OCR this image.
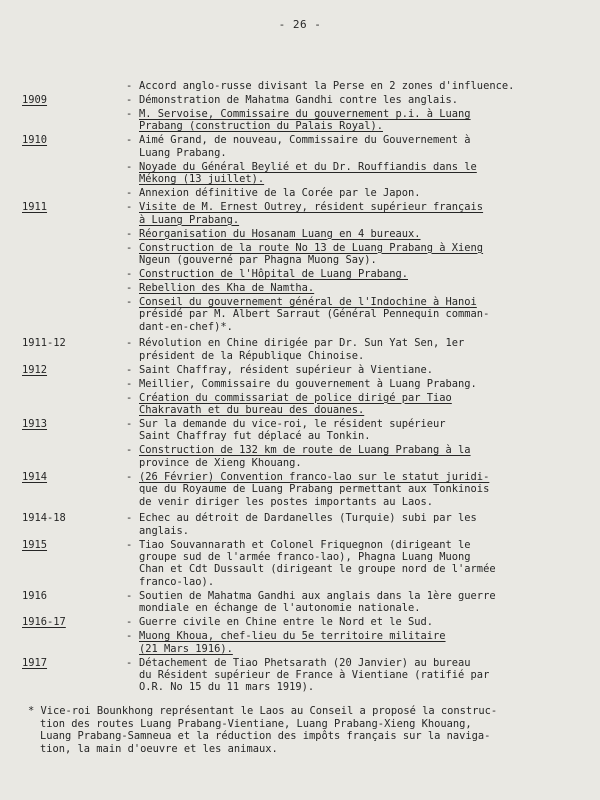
- 26 -
- Accord anglo-russe divisant la Perse en 2 zones d'influence.
1909	- Démonstration de Mahatma Gandhi contre les anglais.
- M. Servoise, Commissaire du gouvernement p.i. à Luang
Prabang (construction du Palais Royal).
1910	- Aimé Grand, de nouveau, Commissaire du Gouvernement à
Luang Prabang.
- Noyade du Général Beylié et du Dr. Rouffiandis dans le
Mékong (13 juillet).
- Annexion définitive de la Corée par le Japon.
1911	- Visite de M. Ernest Outrey, résident supérieur français
à Luang Prabang.
- Réorganisation du Hosanam Luang en 4 bureaux.
- Construction de la route No 13 de Luang Prabang à Xieng
Ngeun (gouverné par Phagna Muong Say).
- Construction de l'Hôpital de Luang Prabang.
- Rebellion des Kha de Namtha.
- Conseil du gouvernement général de l'Indochine à Hanoi
présidé par M. Albert Sarraut (Général Pennequin comman-
dant-en-chef)*.
1911-12	- Révolution en Chine dirigée par Dr. Sun Yat Sen, 1er
président de la République Chinoise.
1912	- Saint Chaffray, résident supérieur à Vientiane.
- Meillier, Commissaire du gouvernement à Luang Prabang.
- Création du commissariat de police dirigé par Tiao
Chakravath et du bureau des douanes.
1913	- Sur la demande du vice-roi, le résident supérieur
Saint Chaffray fut déplacé au Tonkin.
- Construction de 132 km de route de Luang Prabang à la
province de Xieng Khouang.
1914	- (26 Février) Convention franco-lao sur le statut juridi-
que du Royaume de Luang Prabang permettant aux Tonkinois
de venir diriger les postes importants au Laos.
1914-18	- Echec au détroit de Dardanelles (Turquie) subi par les
anglais.
1915	- Tiao Souvannarath et Colonel Friquegnon (dirigeant le
groupe sud de l'armée franco-lao), Phagna Luang Muong
Chan et Cdt Dussault (dirigeant le groupe nord de l'armée
franco-lao).
1916	- Soutien de Mahatma Gandhi aux anglais dans la 1ère guerre
mondiale en échange de l'autonomie nationale.
1916-17	- Guerre civile en Chine entre le Nord et le Sud.
- Muong Khoua, chef-lieu du 5e territoire militaire
(21 Mars 1916).
1917	- Détachement de Tiao Phetsarath (20 Janvier) au bureau
du Résident supérieur de France à Vientiane (ratifié par
O.R. No 15 du 11 mars 1919).
* Vice-roi Bounkhong représentant le Laos au Conseil a proposé la construc-
tion des routes Luang Prabang-Vientiane, Luang Prabang-Xieng Khouang,
Luang Prabang-Samneua et la réduction des impôts français sur la naviga-
tion, la main d'oeuvre et les animaux.
